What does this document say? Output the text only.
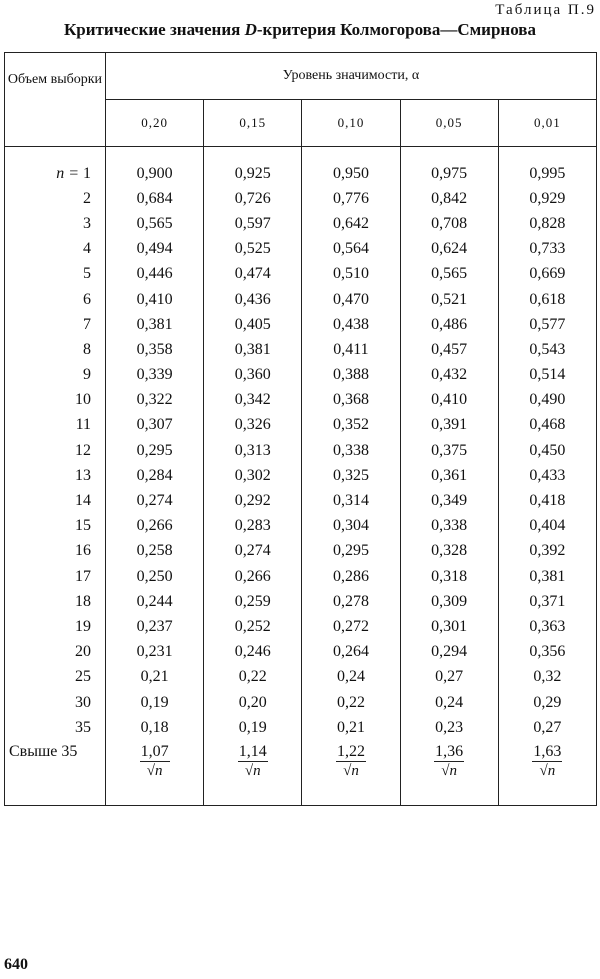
Таблица П.9
Критические значения D-критерия Колмогорова—Смирнова
Объем выборки	Уровень значимости, α				
	0,20	0,15	0,10	0,05	0,01
n = 1	0,900	0,925	0,950	0,975	0,995
2	0,684	0,726	0,776	0,842	0,929
3	0,565	0,597	0,642	0,708	0,828
4	0,494	0,525	0,564	0,624	0,733
5	0,446	0,474	0,510	0,565	0,669
6	0,410	0,436	0,470	0,521	0,618
7	0,381	0,405	0,438	0,486	0,577
8	0,358	0,381	0,411	0,457	0,543
9	0,339	0,360	0,388	0,432	0,514
10	0,322	0,342	0,368	0,410	0,490
11	0,307	0,326	0,352	0,391	0,468
12	0,295	0,313	0,338	0,375	0,450
13	0,284	0,302	0,325	0,361	0,433
14	0,274	0,292	0,314	0,349	0,418
15	0,266	0,283	0,304	0,338	0,404
16	0,258	0,274	0,295	0,328	0,392
17	0,250	0,266	0,286	0,318	0,381
18	0,244	0,259	0,278	0,309	0,371
19	0,237	0,252	0,272	0,301	0,363
20	0,231	0,246	0,264	0,294	0,356
25	0,21	0,22	0,24	0,27	0,32
30	0,19	0,20	0,22	0,24	0,29
35	0,18	0,19	0,21	0,23	0,27
Свыше 35	$\frac{1,07}{√n}$	$\frac{1,14}{√n}$	$\frac{1,22}{√n}$	$\frac{1,36}{√n}$	$\frac{1,63}{√n}$
640
